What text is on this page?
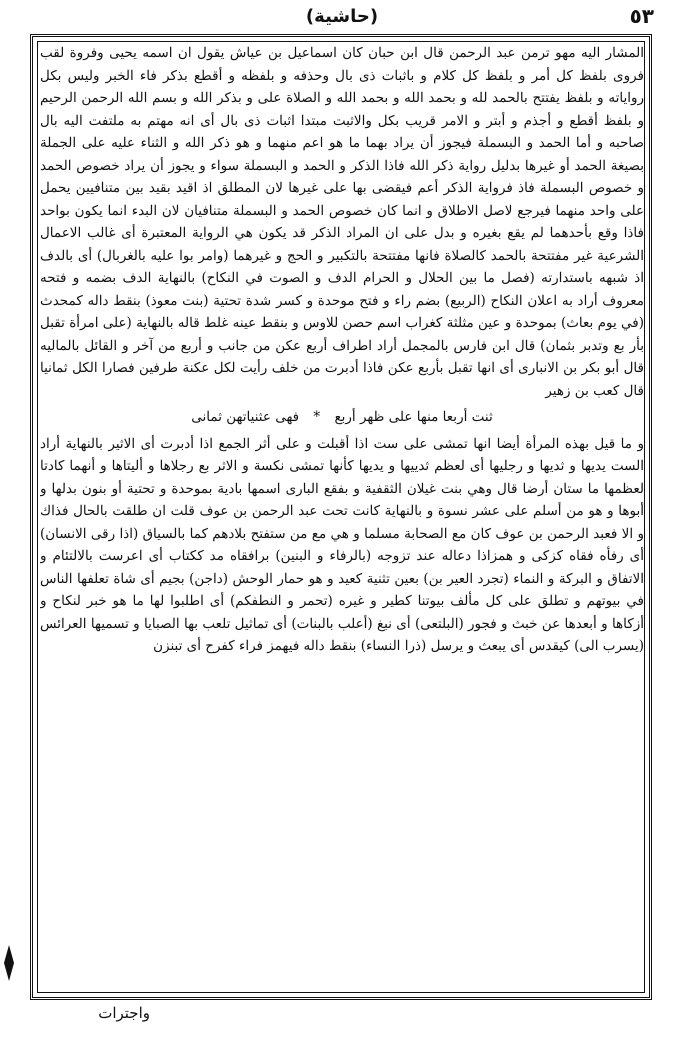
٥٣
(حاشية)

المشار اليه مهو ترمن عبد الرحمن قال ابن حبان كان اسماعيل بن عياش يقول ان اسمه يحيى وفروة لقب فروى بلفظ كل أمر و بلفظ كل كلام و باثبات ذى بال وحذفه و بلفظه و أقطع بذكر فاء الخبر وليس بكل رواياته و بلفظ يفتتح بالحمد لله و بحمد الله و بحمد الله و الصلاة على و بذكر الله و بسم الله الرحمن الرحيم و بلفظ أقطع و أجذم و أبتر و الامر قريب بكل والاثبت مبتدا اثبات ذى بال أى انه مهتم به ملتفت اليه بال صاحبه و أما الحمد و البسملة فيجوز أن يراد بهما ما هو اعم منهما و هو ذكر الله و الثناء عليه على الجملة بصيغة الحمد أو غيرها بدليل رواية ذكر الله فاذا الذكر و الحمد و البسملة سواء و يجوز أن يراد خصوص الحمد و خصوص البسملة فاذ فرواية الذكر أعم فيقضى بها على غيرها لان المطلق اذ اقيد بقيد بين متنافيين يحمل على واحد منهما فيرجع لاصل الاطلاق و انما كان خصوص الحمد و البسملة متنافيان لان البدء انما يكون بواحد فاذا وقع بأحدهما لم يقع بغيره و بدل على ان المراد الذكر قد يكون هي الرواية المعتبرة أى غالب الاعمال الشرعية غير مفتتحة بالحمد كالصلاة فانها مفتتحة بالتكبير و الحج و غيرهما (وامر بوا عليه بالغربال) أى بالدف اذ شبهه باستدارته (فصل ما بين الحلال و الحرام الدف و الصوت في النكاح) بالنهاية الدف بضمه و فتحه معروف أراد به اعلان النكاح (الربيع) بضم راء و فتح موحدة و كسر شدة تحتية (بنت معوذ) بنقط داله كمحدث (في يوم بعاث) بموحدة و عين مثلثة كغراب اسم حصن للاوس و بنقط عينه غلط قاله بالنهاية (على امرأة تقبل بأر بع وتدبر بثمان) قال ابن فارس بالمجمل أراد اطراف أربع عكن من جانب و أربع من آخر و القائل بالماليه قال أبو بكر بن الانبارى أى انها تقبل بأربع عكن فاذا أدبرت من خلف رأيت لكل عكنة طرفين فصارا الكل ثمانيا قال كعب بن زهير

ثنت أربعا منها على ظهر أربع * فهى عثنياتهن ثمانى

و ما قيل بهذه المرأة أيضا انها تمشى على ست اذا أقبلت و على أثر الجمع اذا أدبرت أى الاثير بالنهاية أراد الست يديها و ثديها و رجليها أى لعظم ثدييها و يديها كأنها تمشى نكسة و الاثر بع رجلاها و أليتاها و أنهما كادتا لعظمها ما ستان أرضا قال وهي بنت غيلان الثقفية و بفقع البارى اسمها بادية بموحدة و تحتية أو بنون بدلها و أبوها و هو من أسلم على عشر نسوة و بالنهاية كانت تحت عبد الرحمن بن عوف قلت ان طلقت بالحال فذاك و الا فعبد الرحمن بن عوف كان مع الصحابة مسلما و هي مع من ستفتح بلادهم كما بالسياق (اذا رقى الانسان) أى رفأه فقاه كزكى و همزاذا دعاله عند تزوجه (بالرفاء و البنين) برافقاه مد ككتاب أى اعرست بالالتئام و الاتفاق و البركة و النماء (تجرد العير بن) بعين تثنية كعيد و هو حمار الوحش (داجن) بجيم أى شاة تعلفها الناس في بيوتهم و تطلق على كل مألف بيوتنا كطير و غيره (تحمر و النطفكم) أى اطلبوا لها ما هو خبر لنكاح و أزكاها و أبعدها عن خبث و فجور (البلتعى) أى نبغ (أعلب بالبنات) أى تماثيل تلعب بها الصبايا و تسميها العرائس (يسرب الى) كيقدس أى يبعث و يرسل (ذرا النساء) بنقط داله فيهمز فراء كفرح أى تبنزن

واجترات
